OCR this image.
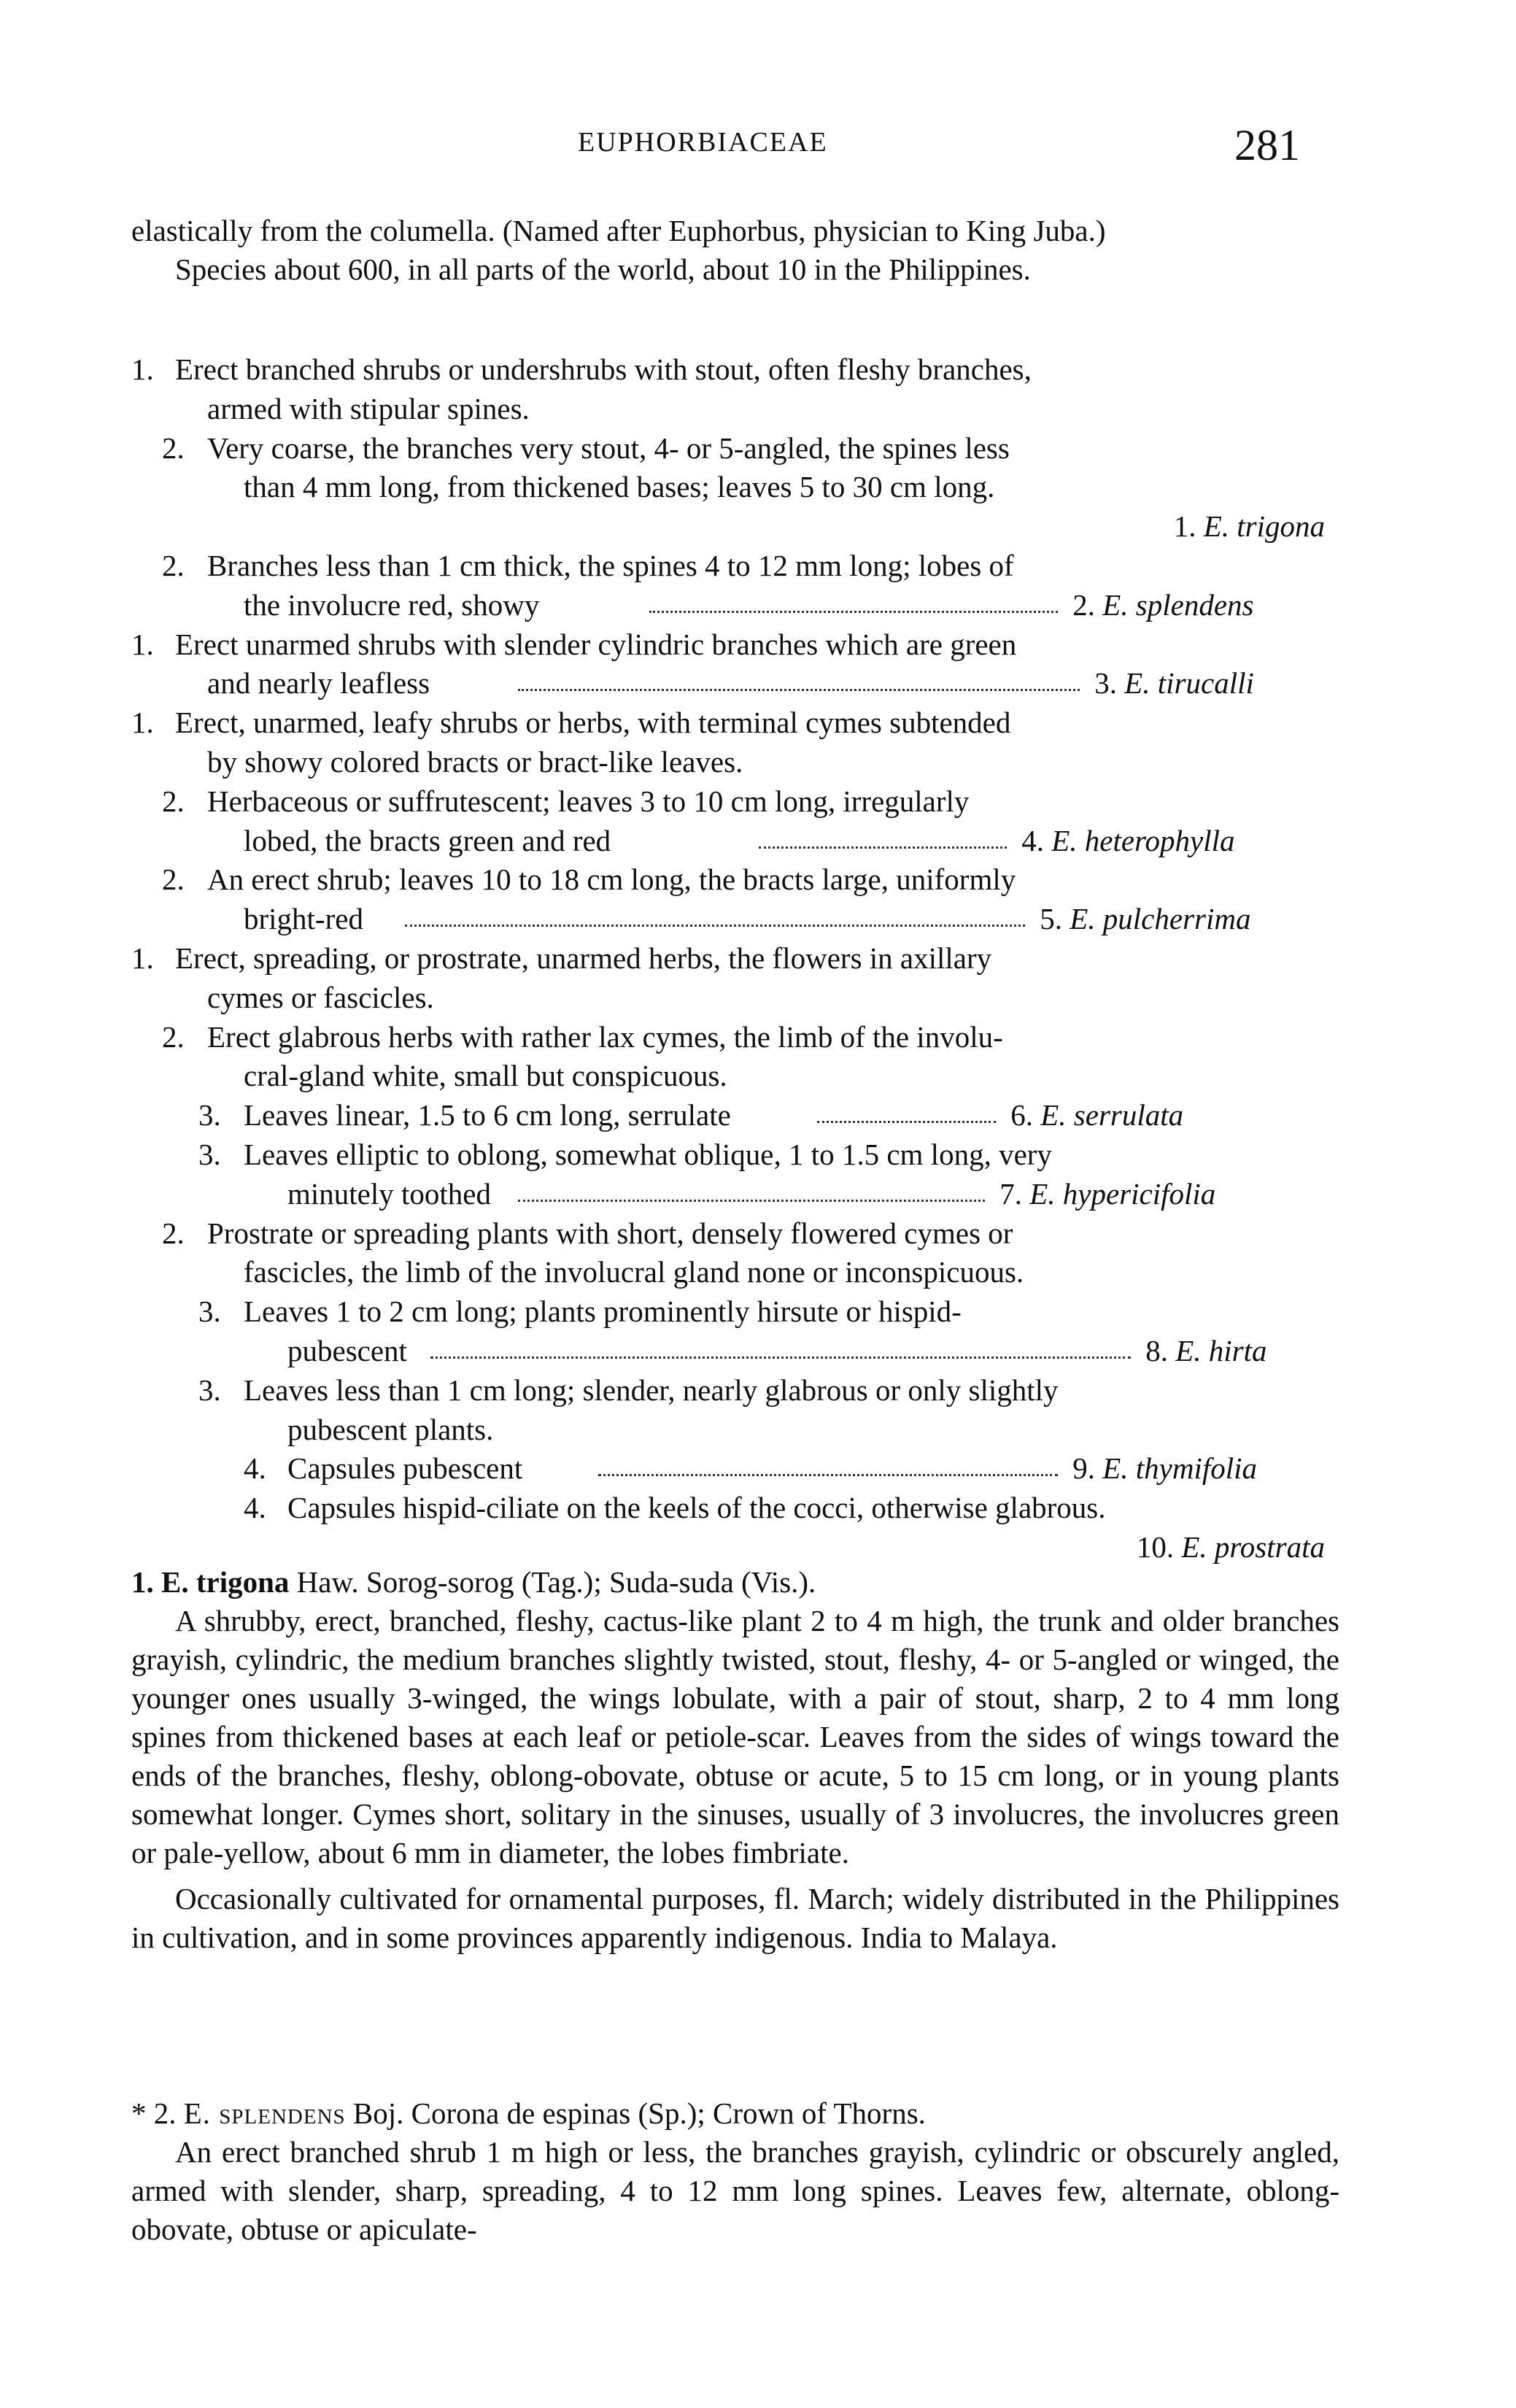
EUPHORBIACEAE	281
elastically from the columella. (Named after Euphorbus, physician to King Juba.)
Species about 600, in all parts of the world, about 10 in the Philippines.
1. Erect branched shrubs or undershrubs with stout, often fleshy branches,
armed with stipular spines.
2. Very coarse, the branches very stout, 4- or 5-angled, the spines less
than 4 mm long, from thickened bases; leaves 5 to 30 cm long.
1. E. trigona
2. Branches less than 1 cm thick, the spines 4 to 12 mm long; lobes of
the involucre red, showy	2. E. splendens
1. Erect unarmed shrubs with slender cylindric branches which are green
and nearly leafless	3. E. tirucalli
1. Erect, unarmed, leafy shrubs or herbs, with terminal cymes subtended
by showy colored bracts or bract-like leaves.
2. Herbaceous or suffrutescent; leaves 3 to 10 cm long, irregularly
lobed, the bracts green and red	4. E. heterophylla
2. An erect shrub; leaves 10 to 18 cm long, the bracts large, uniformly
bright-red	5. E. pulcherrima
1. Erect, spreading, or prostrate, unarmed herbs, the flowers in axillary
cymes or fascicles.
2. Erect glabrous herbs with rather lax cymes, the limb of the involu-
cral-gland white, small but conspicuous.
3. Leaves linear, 1.5 to 6 cm long, serrulate	6. E. serrulata
3. Leaves elliptic to oblong, somewhat oblique, 1 to 1.5 cm long, very
minutely toothed	7. E. hypericifolia
2. Prostrate or spreading plants with short, densely flowered cymes or
fascicles, the limb of the involucral gland none or inconspicuous.
3. Leaves 1 to 2 cm long; plants prominently hirsute or hispid-
pubescent	8. E. hirta
3. Leaves less than 1 cm long; slender, nearly glabrous or only slightly
pubescent plants.
4. Capsules pubescent	9. E. thymifolia
4. Capsules hispid-ciliate on the keels of the cocci, otherwise glabrous.
10. E. prostrata
1. E. trigona Haw. Sorog-sorog (Tag.); Suda-suda (Vis.).
A shrubby, erect, branched, fleshy, cactus-like plant 2 to 4 m high, the trunk and older branches grayish, cylindric, the medium branches slightly twisted, stout, fleshy, 4- or 5-angled or winged, the younger ones usually 3-winged, the wings lobulate, with a pair of stout, sharp, 2 to 4 mm long spines from thickened bases at each leaf or petiole-scar. Leaves from the sides of wings toward the ends of the branches, fleshy, oblong-obovate, obtuse or acute, 5 to 15 cm long, or in young plants somewhat longer. Cymes short, solitary in the sinuses, usually of 3 involucres, the involucres green or pale-yellow, about 6 mm in diameter, the lobes fimbriate.
Occasionally cultivated for ornamental purposes, fl. March; widely distributed in the Philippines in cultivation, and in some provinces apparently indigenous. India to Malaya.
* 2. E. splendens Boj. Corona de espinas (Sp.); Crown of Thorns.
An erect branched shrub 1 m high or less, the branches grayish, cylindric or obscurely angled, armed with slender, sharp, spreading, 4 to 12 mm long spines. Leaves few, alternate, oblong-obovate, obtuse or apiculate-
